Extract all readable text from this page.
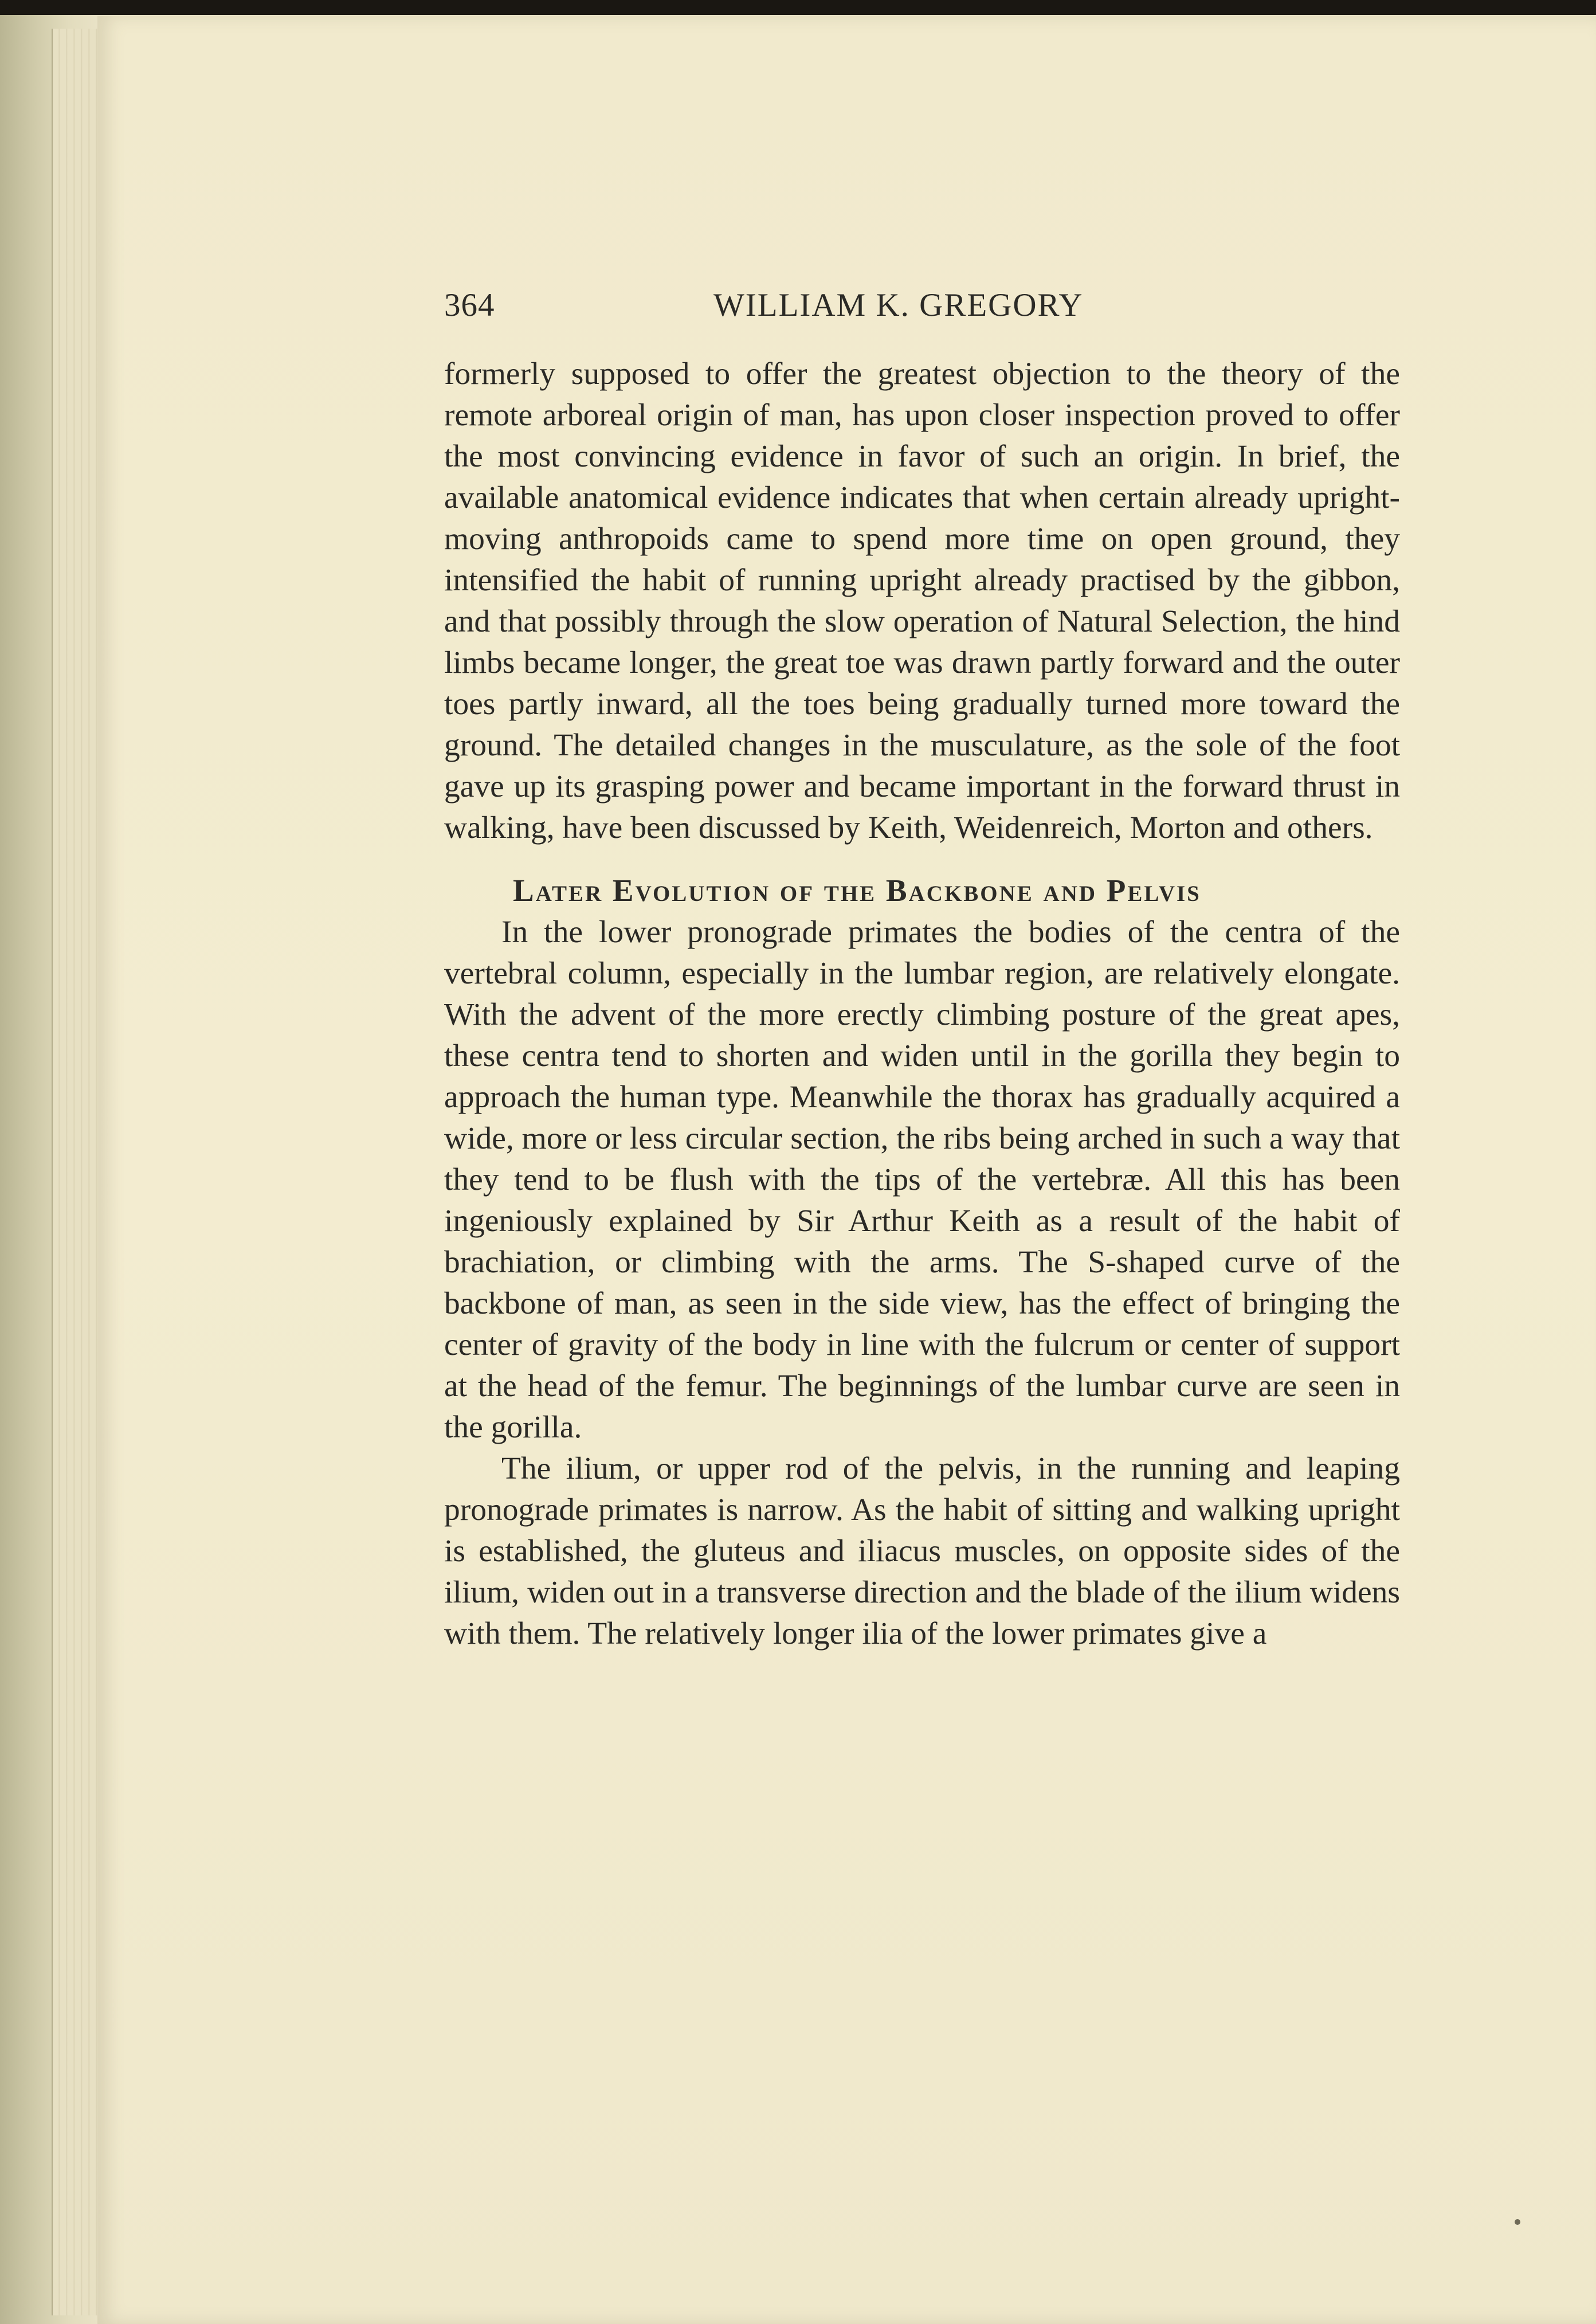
364	WILLIAM K. GREGORY

formerly supposed to offer the greatest objection to the theory of the remote arboreal origin of man, has upon closer inspection proved to offer the most convincing evidence in favor of such an origin. In brief, the available anatomical evidence indicates that when certain already upright-moving anthropoids came to spend more time on open ground, they intensified the habit of running upright already practised by the gibbon, and that possibly through the slow operation of Natural Selection, the hind limbs became longer, the great toe was drawn partly forward and the outer toes partly inward, all the toes being gradually turned more toward the ground. The detailed changes in the musculature, as the sole of the foot gave up its grasping power and became important in the forward thrust in walking, have been discussed by Keith, Weidenreich, Morton and others.

Later Evolution of the Backbone and Pelvis

In the lower pronograde primates the bodies of the centra of the vertebral column, especially in the lumbar region, are relatively elongate. With the advent of the more erectly climbing posture of the great apes, these centra tend to shorten and widen until in the gorilla they begin to approach the human type. Meanwhile the thorax has gradually acquired a wide, more or less circular section, the ribs being arched in such a way that they tend to be flush with the tips of the vertebræ. All this has been ingeniously explained by Sir Arthur Keith as a result of the habit of brachiation, or climbing with the arms. The S-shaped curve of the backbone of man, as seen in the side view, has the effect of bringing the center of gravity of the body in line with the fulcrum or center of support at the head of the femur. The beginnings of the lumbar curve are seen in the gorilla.

The ilium, or upper rod of the pelvis, in the running and leaping pronograde primates is narrow. As the habit of sitting and walking upright is established, the gluteus and iliacus muscles, on opposite sides of the ilium, widen out in a transverse direction and the blade of the ilium widens with them. The relatively longer ilia of the lower primates give a
